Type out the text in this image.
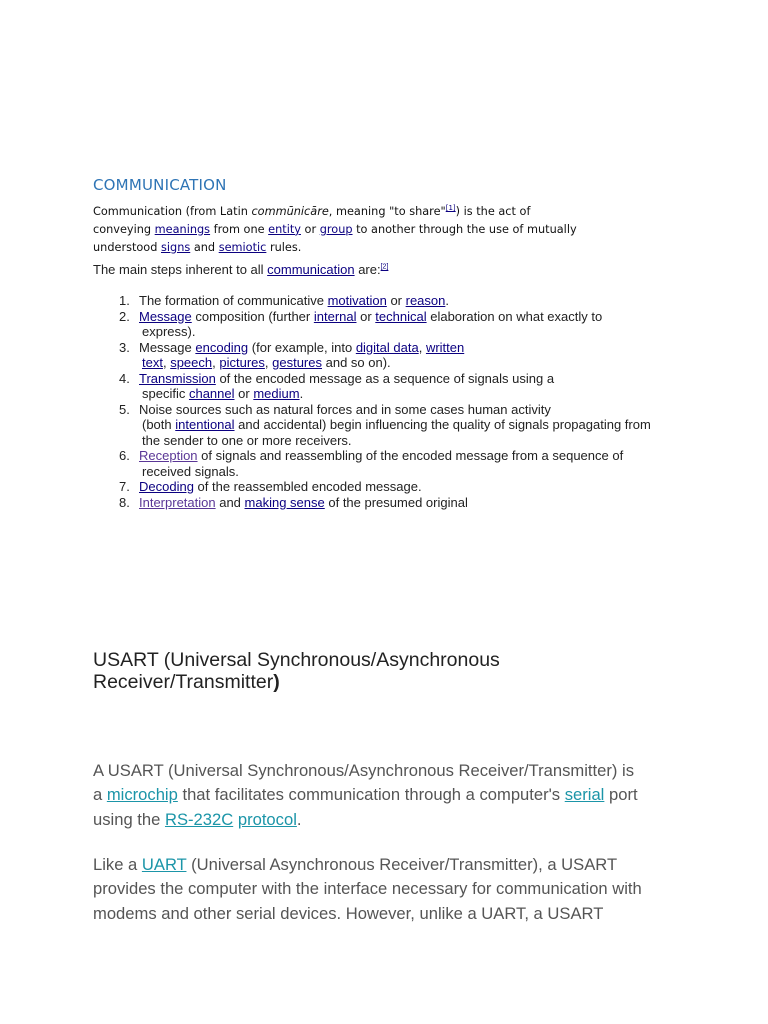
COMMUNICATION

Communication (from Latin commūnicāre, meaning "to share"[1]) is the act of
conveying meanings from one entity or group to another through the use of mutually
understood signs and semiotic rules.

The main steps inherent to all communication are:[2]

1. The formation of communicative motivation or reason.
2. Message composition (further internal or technical elaboration on what exactly to
express).
3. Message encoding (for example, into digital data, written
text, speech, pictures, gestures and so on).
4. Transmission of the encoded message as a sequence of signals using a
specific channel or medium.
5. Noise sources such as natural forces and in some cases human activity
(both intentional and accidental) begin influencing the quality of signals propagating from
the sender to one or more receivers.
6. Reception of signals and reassembling of the encoded message from a sequence of
received signals.
7. Decoding of the reassembled encoded message.
8. Interpretation and making sense of the presumed original
USART (Universal Synchronous/Asynchronous
Receiver/Transmitter)

A USART (Universal Synchronous/Asynchronous Receiver/Transmitter) is
a microchip that facilitates communication through a computer's serial port
using the RS-232C protocol.

Like a UART (Universal Asynchronous Receiver/Transmitter), a USART
provides the computer with the interface necessary for communication with
modems and other serial devices. However, unlike a UART, a USART
